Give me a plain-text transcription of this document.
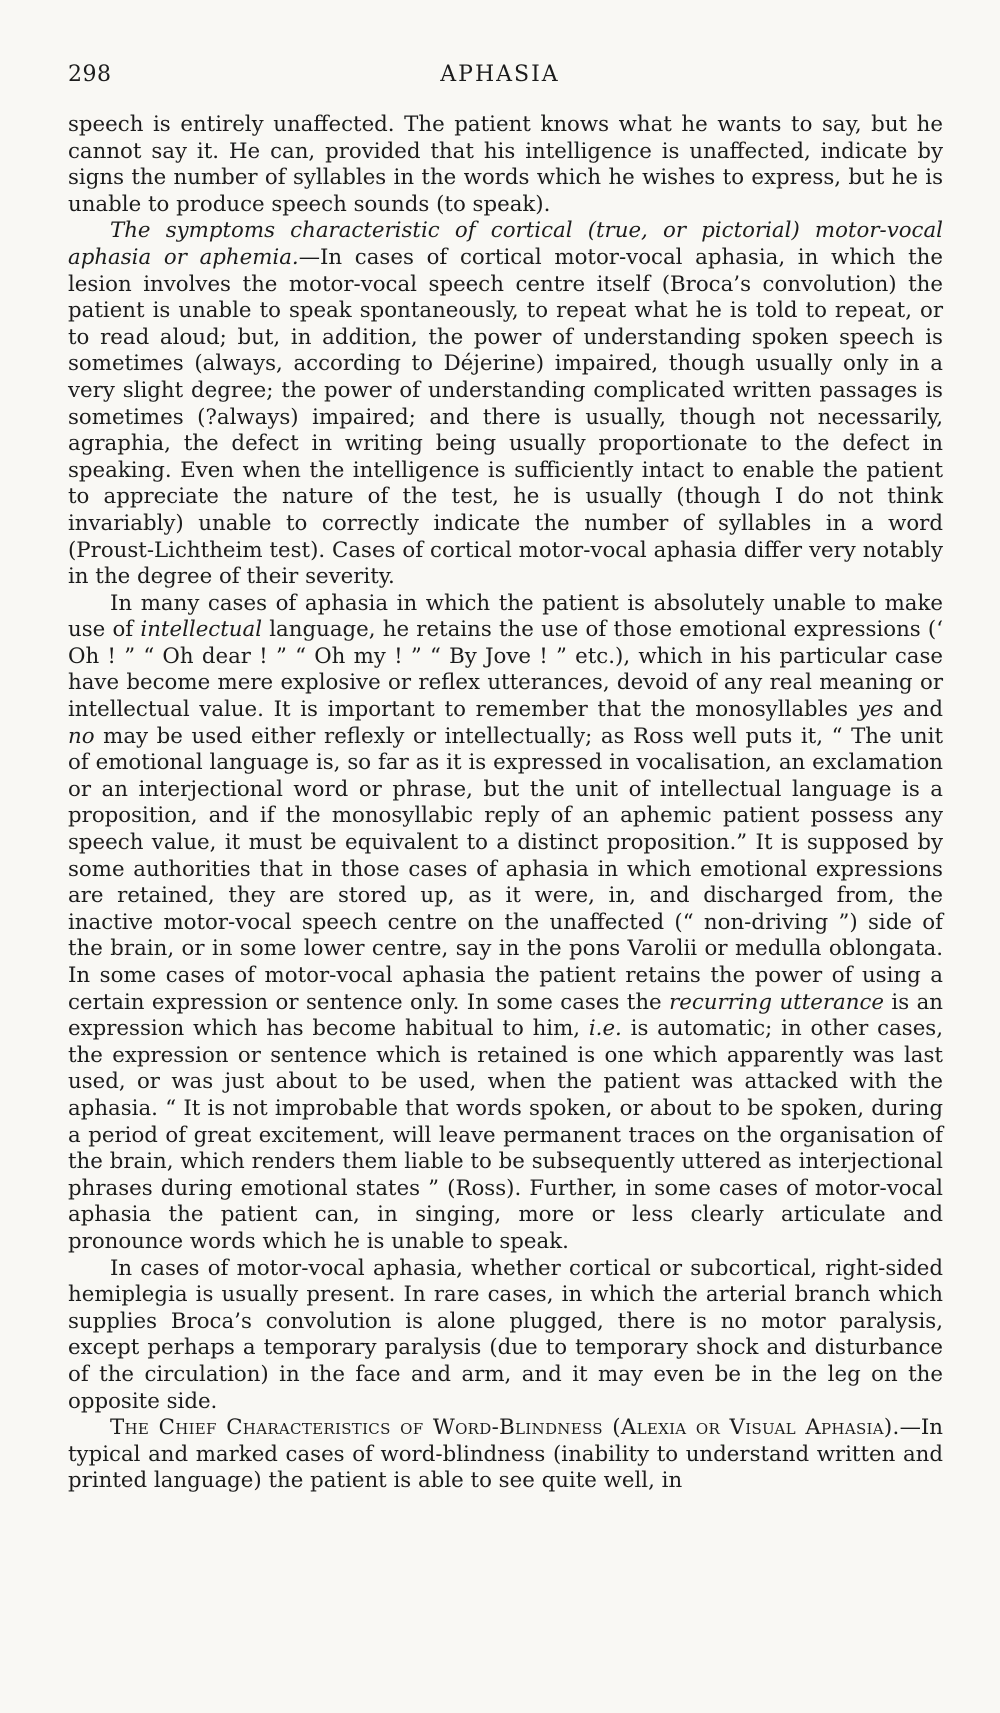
298	APHASIA

speech is entirely unaffected. The patient knows what he wants to say, but he cannot say it. He can, provided that his intelligence is unaffected, indicate by signs the number of syllables in the words which he wishes to express, but he is unable to produce speech sounds (to speak).

The symptoms characteristic of cortical (true, or pictorial) motor-vocal aphasia or aphemia.—In cases of cortical motor-vocal aphasia, in which the lesion involves the motor-vocal speech centre itself (Broca’s convolution) the patient is unable to speak spontaneously, to repeat what he is told to repeat, or to read aloud; but, in addition, the power of understanding spoken speech is sometimes (always, according to Déjerine) impaired, though usually only in a very slight degree; the power of understanding complicated written passages is sometimes (?always) impaired; and there is usually, though not necessarily, agraphia, the defect in writing being usually proportionate to the defect in speaking. Even when the intelligence is sufficiently intact to enable the patient to appreciate the nature of the test, he is usually (though I do not think invariably) unable to correctly indicate the number of syllables in a word (Proust-Lichtheim test). Cases of cortical motor-vocal aphasia differ very notably in the degree of their severity.

In many cases of aphasia in which the patient is absolutely unable to make use of intellectual language, he retains the use of those emotional expressions (‘ Oh ! ” “ Oh dear ! ” “ Oh my ! ” “ By Jove ! ” etc.), which in his particular case have become mere explosive or reflex utterances, devoid of any real meaning or intellectual value. It is important to remember that the monosyllables yes and no may be used either reflexly or intellectually; as Ross well puts it, “ The unit of emotional language is, so far as it is expressed in vocalisation, an exclamation or an interjectional word or phrase, but the unit of intellectual language is a proposition, and if the monosyllabic reply of an aphemic patient possess any speech value, it must be equivalent to a distinct proposition.” It is supposed by some authorities that in those cases of aphasia in which emotional expressions are retained, they are stored up, as it were, in, and discharged from, the inactive motor-vocal speech centre on the unaffected (“ non-driving ”) side of the brain, or in some lower centre, say in the pons Varolii or medulla oblongata. In some cases of motor-vocal aphasia the patient retains the power of using a certain expression or sentence only. In some cases the recurring utterance is an expression which has become habitual to him, i.e. is automatic; in other cases, the expression or sentence which is retained is one which apparently was last used, or was just about to be used, when the patient was attacked with the aphasia. “ It is not improbable that words spoken, or about to be spoken, during a period of great excitement, will leave permanent traces on the organisation of the brain, which renders them liable to be subsequently uttered as interjectional phrases during emotional states ” (Ross). Further, in some cases of motor-vocal aphasia the patient can, in singing, more or less clearly articulate and pronounce words which he is unable to speak.

In cases of motor-vocal aphasia, whether cortical or subcortical, right-sided hemiplegia is usually present. In rare cases, in which the arterial branch which supplies Broca’s convolution is alone plugged, there is no motor paralysis, except perhaps a temporary paralysis (due to temporary shock and disturbance of the circulation) in the face and arm, and it may even be in the leg on the opposite side.

The Chief Characteristics of Word-Blindness (Alexia or Visual Aphasia).—In typical and marked cases of word-blindness (inability to understand written and printed language) the patient is able to see quite well, in
